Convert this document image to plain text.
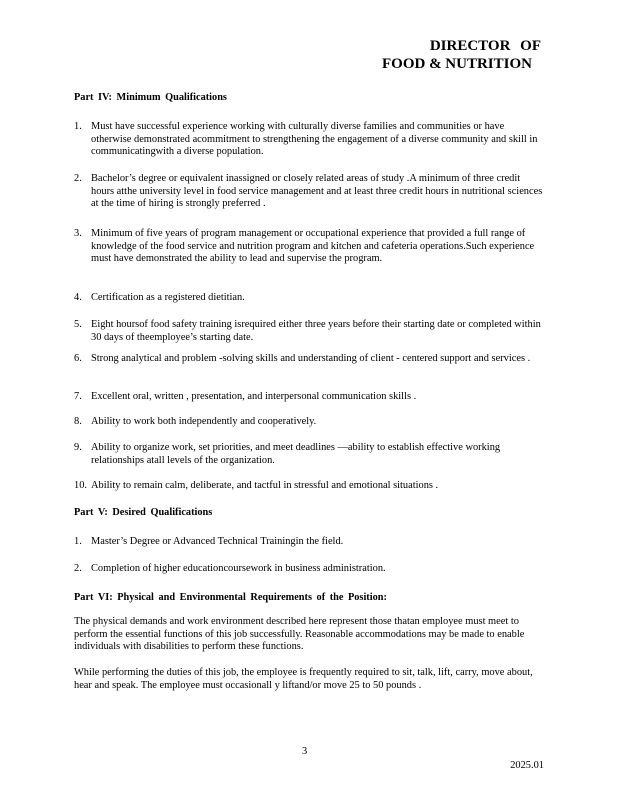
DIRECTOR OF
FOOD & NUTRITION
Part IV: Minimum Qualifications
1. Must have successful experience working with culturally diverse families and communities or have otherwise demonstrated acommitment to strengthening the engagement of a diverse community and skill in communicatingwith a diverse population.
2. Bachelor’s degree or equivalent inassigned or closely related areas of study .A minimum of three credit hours atthe university level in food service management and at least three credit hours in nutritional sciences at the time of hiring is strongly preferred .
3. Minimum of five years of program management or occupational experience that provided a full range of knowledge of the food service and nutrition program and kitchen and cafeteria operations.Such experience must have demonstrated the ability to lead and supervise the program.
4. Certification as a registered dietitian.
5. Eight hoursof food safety training isrequired either three years before their starting date or completed within 30 days of theemployee’s starting date.
6. Strong analytical and problem -solving skills and understanding of client - centered support and services .
7. Excellent oral, written , presentation, and interpersonal communication skills .
8. Ability to work both independently and cooperatively.
9. Ability to organize work, set priorities, and meet deadlines —ability to establish effective working relationships atall levels of the organization.
10. Ability to remain calm, deliberate, and tactful in stressful and emotional situations .
Part V: Desired Qualifications
1. Master’s Degree or Advanced Technical Trainingin the field.
2. Completion of higher educationcoursework in business administration.
Part VI: Physical and Environmental Requirements of the Position:
The physical demands and work environment described here represent those thatan employee must meet to perform the essential functions of this job successfully. Reasonable accommodations may be made to enable individuals with disabilities to perform these functions.
While performing the duties of this job, the employee is frequently required to sit, talk, lift, carry, move about, hear and speak. The employee must occasionall y liftand/or move 25 to 50 pounds .
3
2025.01
